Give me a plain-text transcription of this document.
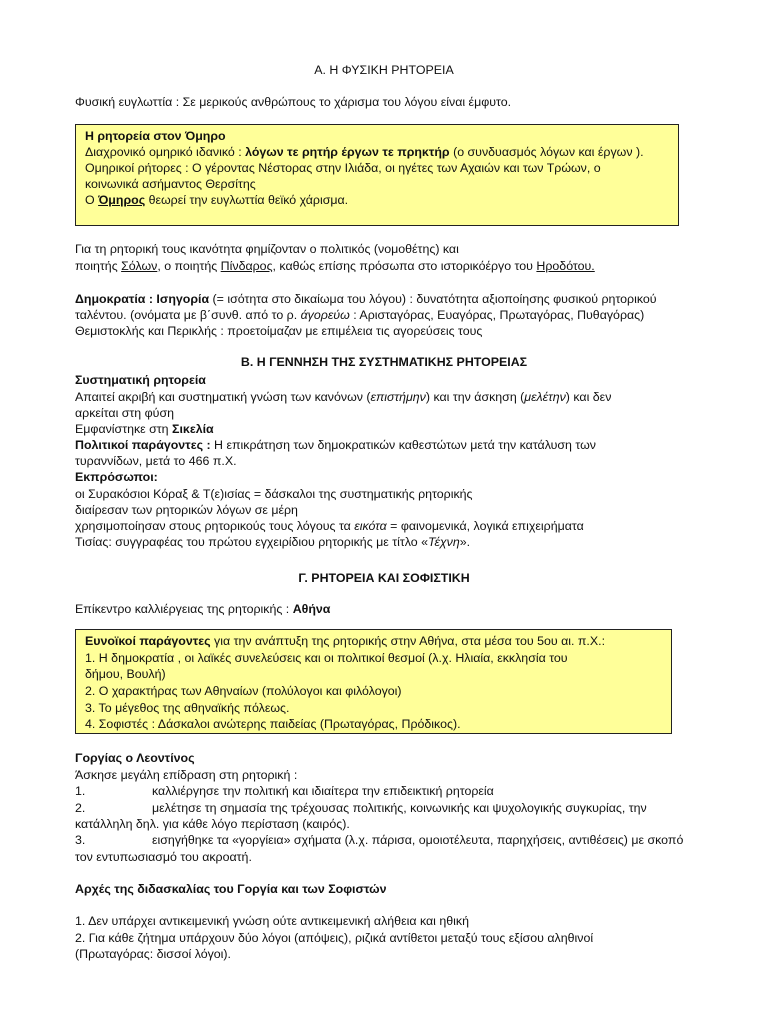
Α. Η ΦΥΣΙΚΗ ΡΗΤΟΡΕΙΑ
Φυσική ευγλωττία : Σε μερικούς ανθρώπους το χάρισμα του λόγου είναι έμφυτο.
Η ρητορεία στον Όμηρο
Διαχρονικό ομηρικό ιδανικό : λόγων τε ρητήρ έργων τε πρηκτήρ (ο συνδυασμός λόγων και έργων ).
Ομηρικοί ρήτορες : Ο γέροντας Νέστορας στην Ιλιάδα, οι ηγέτες των Αχαιών και των Τρώων, ο
κοινωνικά ασήμαντος Θερσίτης
Ο Όμηρος θεωρεί την ευγλωττία θεϊκό χάρισμα.
Για τη ρητορική τους ικανότητα φημίζονταν ο πολιτικός (νομοθέτης) και
ποιητής Σόλων, ο ποιητής Πίνδαρος, καθώς επίσης πρόσωπα στο ιστορικόέργο του Ηροδότου.
Δημοκρατία : Ισηγορία (= ισότητα στο δικαίωμα του λόγου) : δυνατότητα αξιοποίησης φυσικού ρητορικού
ταλέντου. (ονόματα με β΄συνθ. από το ρ. άγορεύω : Αρισταγόρας, Ευαγόρας, Πρωταγόρας, Πυθαγόρας)
Θεμιστοκλής και Περικλής : προετοίμαζαν με επιμέλεια τις αγορεύσεις τους
Β. Η ΓΕΝΝΗΣΗ ΤΗΣ ΣΥΣΤΗΜΑΤΙΚΗΣ ΡΗΤΟΡΕΙΑΣ
Συστηματική ρητορεία
Απαιτεί ακριβή και συστηματική γνώση των κανόνων (επιστήμην) και την άσκηση (μελέτην) και δεν
αρκείται στη φύση
Εμφανίστηκε στη Σικελία
Πολιτικοί παράγοντες : Η επικράτηση των δημοκρατικών καθεστώτων μετά την κατάλυση των
τυραννίδων, μετά το 466 π.Χ.
Εκπρόσωποι:
οι Συρακόσιοι Κόραξ & Τ(ε)ισίας = δάσκαλοι της συστηματικής ρητορικής
διαίρεσαν των ρητορικών λόγων σε μέρη
χρησιμοποίησαν στους ρητορικούς τους λόγους τα εικότα = φαινομενικά, λογικά επιχειρήματα
Τισίας: συγγραφέας του πρώτου εγχειρίδιου ρητορικής με τίτλο «Τέχνη».
Γ. ΡΗΤΟΡΕΙΑ ΚΑΙ ΣΟΦΙΣΤΙΚΗ
Επίκεντρο καλλιέργειας της ρητορικής : Αθήνα
Ευνοϊκοί παράγοντες για την ανάπτυξη της ρητορικής στην Αθήνα, στα μέσα του 5ου αι. π.Χ.:
1. Η δημοκρατία , οι λαϊκές συνελεύσεις και οι πολιτικοί θεσμοί (λ.χ. Ηλιαία, εκκλησία του
δήμου, Βουλή)
2. Ο χαρακτήρας των Αθηναίων (πολύλογοι και φιλόλογοι)
3. Το μέγεθος της αθηναϊκής πόλεως.
4. Σοφιστές : Δάσκαλοι ανώτερης παιδείας (Πρωταγόρας, Πρόδικος).
Γοργίας ο Λεοντίνος
Άσκησε μεγάλη επίδραση στη ρητορική :
1.	καλλιέργησε την πολιτική και ιδιαίτερα την επιδεικτική ρητορεία
2.	μελέτησε τη σημασία της τρέχουσας πολιτικής, κοινωνικής και ψυχολογικής συγκυρίας, την
κατάλληλη δηλ. για κάθε λόγο περίσταση (καιρός).
3.	εισηγήθηκε τα «γοργίεια» σχήματα (λ.χ. πάρισα, ομοιοτέλευτα, παρηχήσεις, αντιθέσεις) με σκοπό
τον εντυπωσιασμό του ακροατή.
Αρχές της διδασκαλίας του Γοργία και των Σοφιστών
1. Δεν υπάρχει αντικειμενική γνώση ούτε αντικειμενική αλήθεια και ηθική
2. Για κάθε ζήτημα υπάρχουν δύο λόγοι (απόψεις), ριζικά αντίθετοι μεταξύ τους εξίσου αληθινοί
(Πρωταγόρας: δισσοί λόγοι).
